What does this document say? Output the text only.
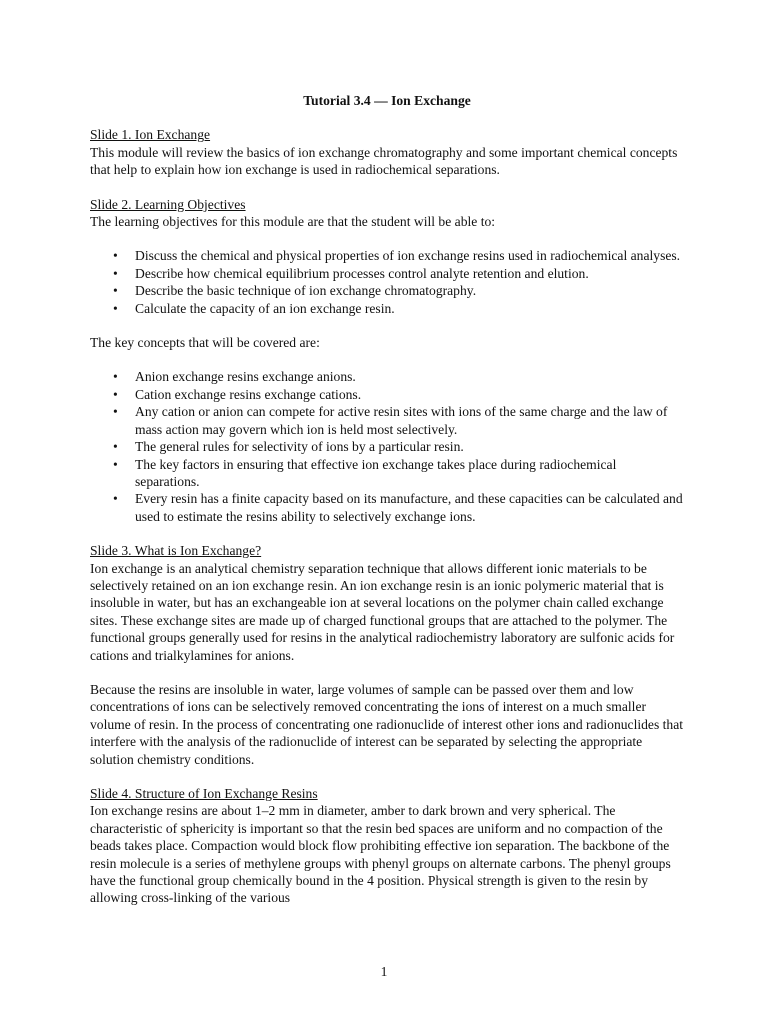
Tutorial 3.4 — Ion Exchange
Slide 1. Ion Exchange

This module will review the basics of ion exchange chromatography and some important chemical concepts that help to explain how ion exchange is used in radiochemical separations.

Slide 2. Learning Objectives

The learning objectives for this module are that the student will be able to:

• Discuss the chemical and physical properties of ion exchange resins used in radiochemical analyses.
• Describe how chemical equilibrium processes control analyte retention and elution.
• Describe the basic technique of ion exchange chromatography.
• Calculate the capacity of an ion exchange resin.

The key concepts that will be covered are:

• Anion exchange resins exchange anions.
• Cation exchange resins exchange cations.
• Any cation or anion can compete for active resin sites with ions of the same charge and the law of mass action may govern which ion is held most selectively.
• The general rules for selectivity of ions by a particular resin.
• The key factors in ensuring that effective ion exchange takes place during radiochemical separations.
• Every resin has a finite capacity based on its manufacture, and these capacities can be calculated and used to estimate the resins ability to selectively exchange ions.
Slide 3. What is Ion Exchange?

Ion exchange is an analytical chemistry separation technique that allows different ionic materials to be selectively retained on an ion exchange resin. An ion exchange resin is an ionic polymeric material that is insoluble in water, but has an exchangeable ion at several locations on the polymer chain called exchange sites. These exchange sites are made up of charged functional groups that are attached to the polymer. The functional groups generally used for resins in the analytical radiochemistry laboratory are sulfonic acids for cations and trialkylamines for anions.

Because the resins are insoluble in water, large volumes of sample can be passed over them and low concentrations of ions can be selectively removed concentrating the ions of interest on a much smaller volume of resin. In the process of concentrating one radionuclide of interest other ions and radionuclides that interfere with the analysis of the radionuclide of interest can be separated by selecting the appropriate solution chemistry conditions.

Slide 4. Structure of Ion Exchange Resins

Ion exchange resins are about 1–2 mm in diameter, amber to dark brown and very spherical. The characteristic of sphericity is important so that the resin bed spaces are uniform and no compaction of the beads takes place. Compaction would block flow prohibiting effective ion separation. The backbone of the resin molecule is a series of methylene groups with phenyl groups on alternate carbons. The phenyl groups have the functional group chemically bound in the 4 position. Physical strength is given to the resin by allowing cross-linking of the various

1
